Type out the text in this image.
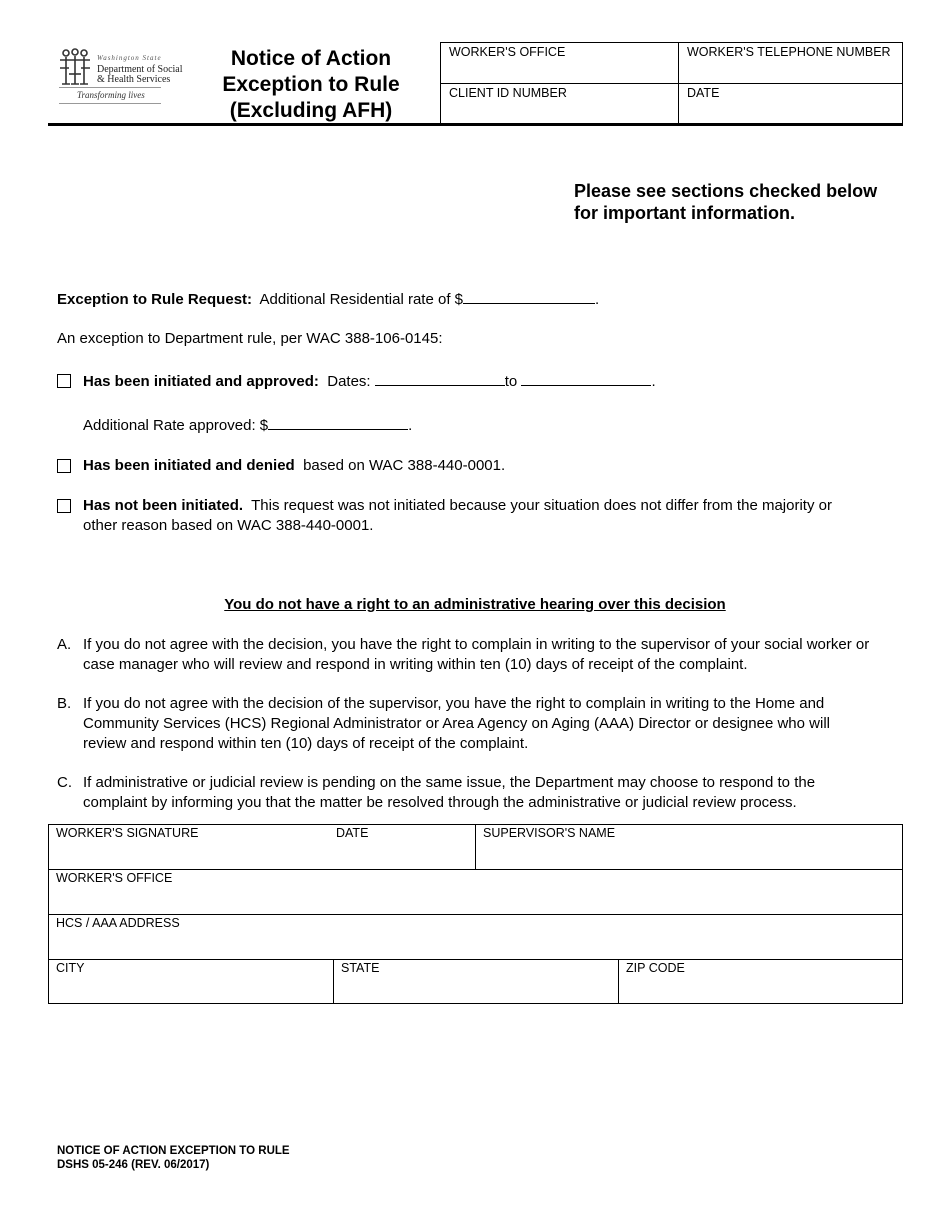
Washington State
Department of Social
& Health Services
Transforming lives
Notice of Action
Exception to Rule
(Excluding AFH)
WORKER'S OFFICE	WORKER'S TELEPHONE NUMBER
CLIENT ID NUMBER	DATE
Please see sections checked below
for important information.
Exception to Rule Request: Additional Residential rate of $	.
An exception to Department rule, per WAC 388-106-0145:
Has been initiated and approved: Dates:	to	.
Additional Rate approved: $	.
Has been initiated and denied based on WAC 388-440-0001.
Has not been initiated. This request was not initiated because your situation does not differ from the majority or
other reason based on WAC 388-440-0001.
You do not have a right to an administrative hearing over this decision
A. If you do not agree with the decision, you have the right to complain in writing to the supervisor of your social worker or
case manager who will review and respond in writing within ten (10) days of receipt of the complaint.
B. If you do not agree with the decision of the supervisor, you have the right to complain in writing to the Home and
Community Services (HCS) Regional Administrator or Area Agency on Aging (AAA) Director or designee who will
review and respond within ten (10) days of receipt of the complaint.
C. If administrative or judicial review is pending on the same issue, the Department may choose to respond to the
complaint by informing you that the matter be resolved through the administrative or judicial review process.
WORKER'S SIGNATURE	DATE	SUPERVISOR'S NAME
WORKER'S OFFICE
HCS / AAA ADDRESS
CITY	STATE	ZIP CODE
NOTICE OF ACTION EXCEPTION TO RULE
DSHS 05-246 (REV. 06/2017)
